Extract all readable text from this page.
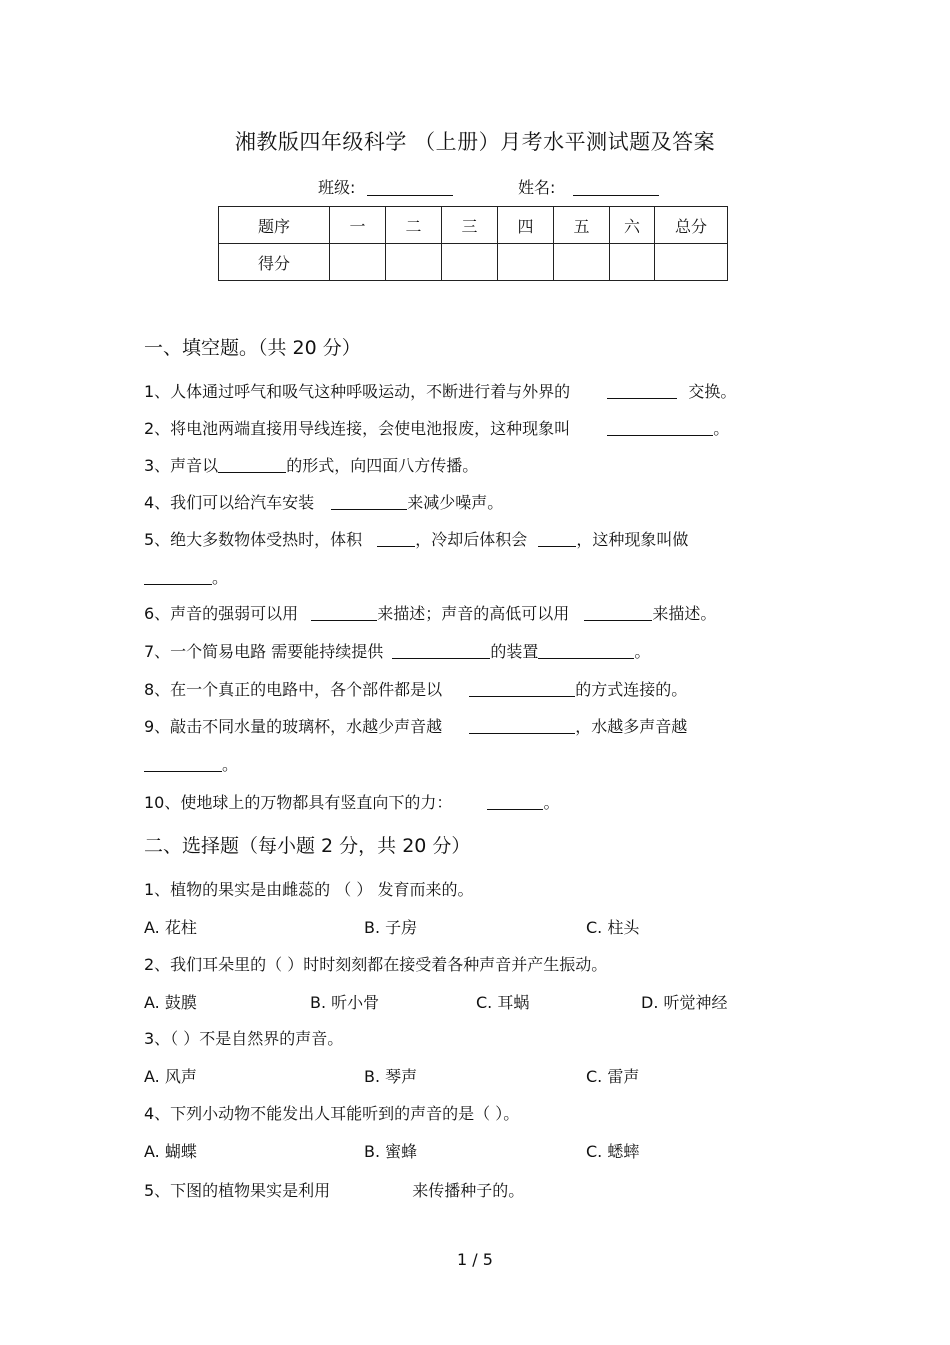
湘教版四年级科学 （上册）月考水平测试题及答案
班级:	姓名:
题序	一	二	三	四	五	六	总分
得分							
一、填空题。（共 20 分）
1、人体通过呼气和吸气这种呼吸运动，不断进行着与外界的	交换。
2、将电池两端直接用导线连接，会使电池报废，这种现象叫	。
3、声音以	的形式，向四面八方传播。
4、我们可以给汽车安装	来减少噪声。
5、绝大多数物体受热时，体积	，冷却后体积会	，这种现象叫做
。
6、声音的强弱可以用	来描述；声音的高低可以用	来描述。
7、一个简易电路 需要能持续提供	的装置	。
8、在一个真正的电路中，各个部件都是以	的方式连接的。
9、敲击不同水量的玻璃杯，水越少声音越	，水越多声音越
。
10、使地球上的万物都具有竖直向下的力：	。
二、选择题（每小题 2 分，共 20 分）
1、植物的果实是由雌蕊的 （ ） 发育而来的。
A. 花柱	B. 子房	C. 柱头
2、我们耳朵里的（ ）时时刻刻都在接受着各种声音并产生振动。
A. 鼓膜	B. 听小骨	C. 耳蜗	D. 听觉神经
3、（ ）不是自然界的声音。
A. 风声	B. 琴声	C. 雷声
4、下列小动物不能发出人耳能听到的声音的是（ ）。
A. 蝴蝶	B. 蜜蜂	C. 蟋蟀
5、下图的植物果实是利用	来传播种子的。
1 / 5
